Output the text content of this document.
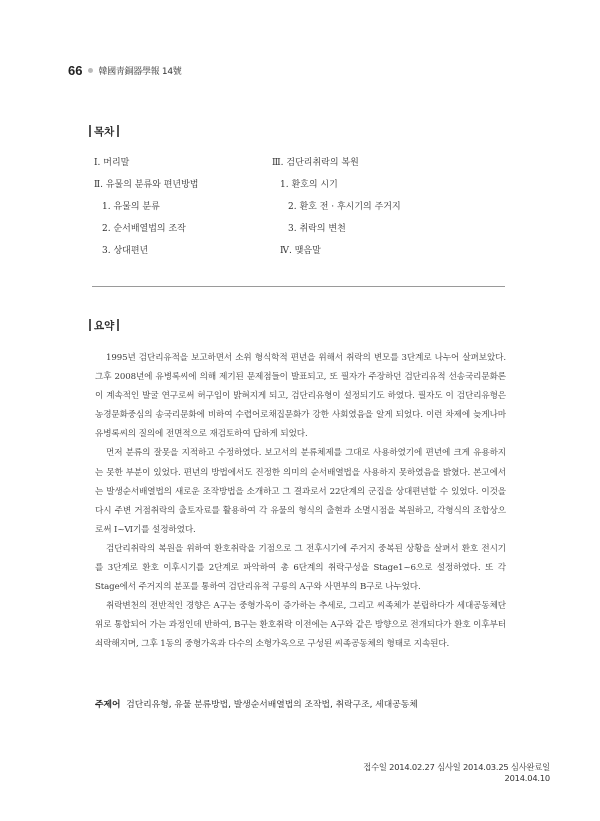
66 韓國靑銅器學報 14號
목차
Ⅰ. 머리말	Ⅲ. 검단리취락의 복원
Ⅱ. 유물의 분류와 편년방법	1. 환호의 시기
1. 유물의 분류	2. 환호 전 · 후시기의 주거지
2. 순서배열법의 조작	3. 취락의 변천
3. 상대편년	Ⅳ. 맺음말
요약

1995년 검단리유적을 보고하면서 소위 형식학적 편년을 위해서 취락의 변모를 3단계로 나누어 살펴보았다. 그후 2008년에 유병록씨에 의해 제기된 문제점들이 발표되고, 또 필자가 주장하던 검단리유적 선송국리문화론이 계속적인 발굴 연구로써 허구임이 밝혀지게 되고, 검단리유형이 설정되기도 하였다. 필자도 이 검단리유형은 농경문화중심의 송국리문화에 비하여 수렵어로채집문화가 강한 사회였음을 알게 되었다. 이런 차제에 늦게나마 유병록씨의 질의에 전면적으로 재검토하여 답하게 되었다.

먼저 분류의 잘못을 지적하고 수정하였다. 보고서의 분류체제를 그대로 사용하였기에 편년에 크게 유용하지는 못한 부분이 있었다. 편년의 방법에서도 진정한 의미의 순서배열법을 사용하지 못하였음을 밝혔다. 본고에서는 발생순서배열법의 새로운 조작방법을 소개하고 그 결과로서 22단계의 군집을 상대편년할 수 있었다. 이것을 다시 주변 거점취락의 출토자료를 활용하여 각 유물의 형식의 출현과 소멸시점을 복원하고, 각형식의 조합상으로써 Ⅰ~Ⅵ기를 설정하였다.

검단리취락의 복원을 위하여 환호취락을 기점으로 그 전후시기에 주거지 중복된 상황을 살펴서 환호 전시기를 3단계로 환호 이후시기를 2단계로 파악하여 총 6단계의 취락구성을 Stage1~6으로 설정하였다. 또 각 Stage에서 주거지의 분포를 통하여 검단리유적 구릉의 A구와 사면부의 B구로 나누었다.

취락변천의 전반적인 경향은 A구는 중형가옥이 증가하는 추세로, 그리고 씨족체가 분립하다가 세대공동체단위로 통합되어 가는 과정인데 반하여, B구는 환호취락 이전에는 A구와 같은 방향으로 전개되다가 환호 이후부터 쇠락해지며, 그후 1동의 중형가옥과 다수의 소형가옥으로 구성된 씨족공동체의 형태로 지속된다.

주제어 검단리유형, 유물 분류방법, 발생순서배열법의 조작법, 취락구조, 세대공동체
접수일 2014.02.27 심사일 2014.03.25 심사완료일 2014.04.10
